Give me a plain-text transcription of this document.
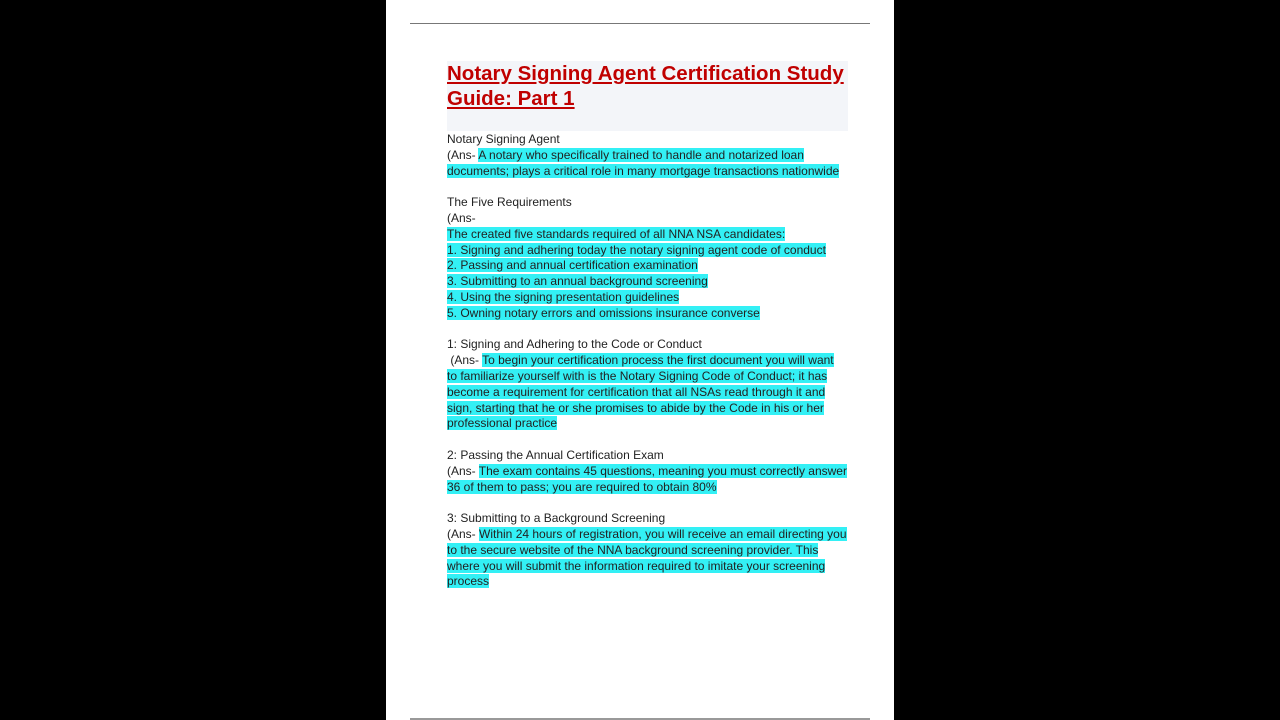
Notary Signing Agent Certification Study
Guide: Part 1
Notary Signing Agent
(Ans- A notary who specifically trained to handle and notarized loan
documents; plays a critical role in many mortgage transactions nationwide
The Five Requirements
(Ans-
The created five standards required of all NNA NSA candidates:
1. Signing and adhering today the notary signing agent code of conduct
2. Passing and annual certification examination
3. Submitting to an annual background screening
4. Using the signing presentation guidelines
5. Owning notary errors and omissions insurance converse
1: Signing and Adhering to the Code or Conduct
(Ans- To begin your certification process the first document you will want
to familiarize yourself with is the Notary Signing Code of Conduct; it has
become a requirement for certification that all NSAs read through it and
sign, starting that he or she promises to abide by the Code in his or her
professional practice
2: Passing the Annual Certification Exam
(Ans- The exam contains 45 questions, meaning you must correctly answer
36 of them to pass; you are required to obtain 80%
3: Submitting to a Background Screening
(Ans- Within 24 hours of registration, you will receive an email directing you
to the secure website of the NNA background screening provider. This
where you will submit the information required to imitate your screening
process
